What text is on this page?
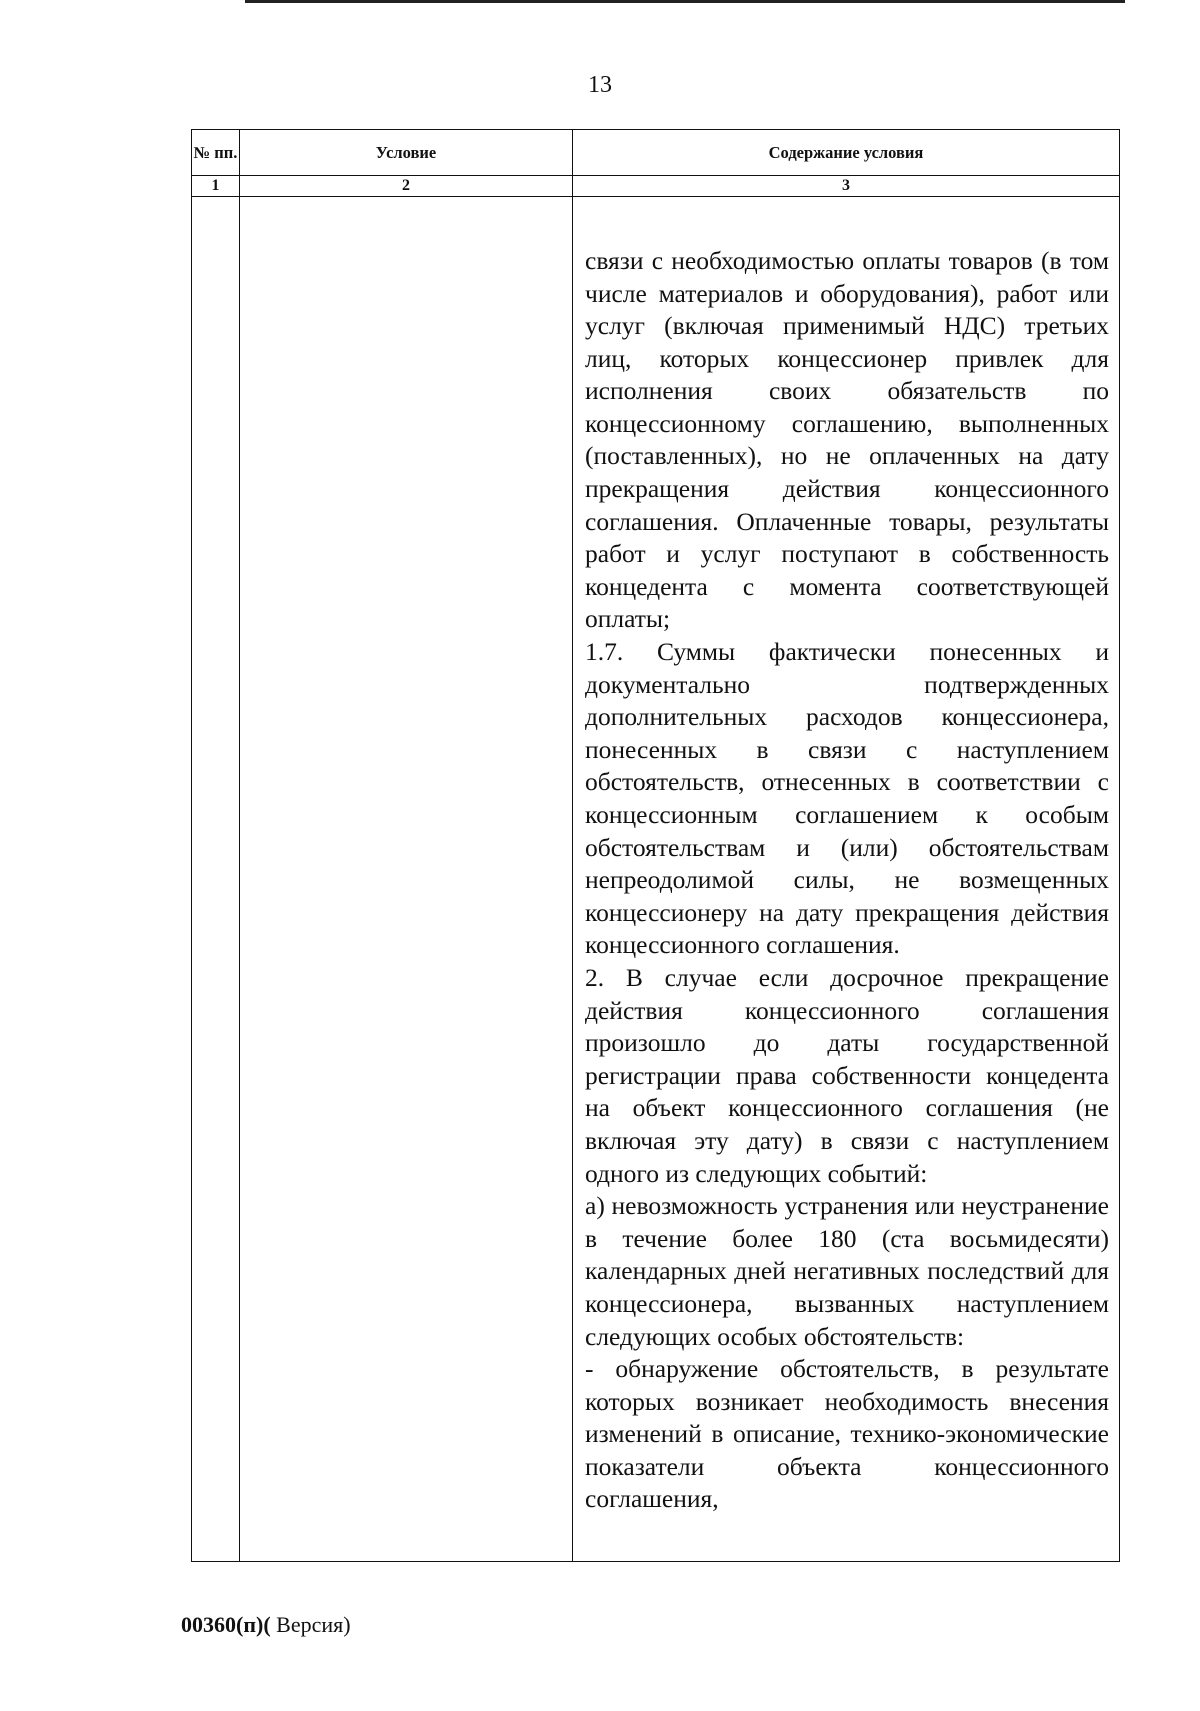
13
№ пп.	Условие	Содержание условия
1	2	3

		связи с необходимостью оплаты товаров (в том числе материалов и оборудования), работ или услуг (включая применимый НДС) третьих лиц, которых концессионер привлек для исполнения своих обязательств по концессионному соглашению, выполненных (поставленных), но не оплаченных на дату прекращения действия концессионного соглашения. Оплаченные товары, результаты работ и услуг поступают в собственность концедента с момента соответствующей оплаты;

1.7. Суммы фактически понесенных и документально подтвержденных дополнительных расходов концессионера, понесенных в связи с наступлением обстоятельств, отнесенных в соответствии с концессионным соглашением к особым обстоятельствам и (или) обстоятельствам непреодолимой силы, не возмещенных концессионеру на дату прекращения действия концессионного соглашения.

2. В случае если досрочное прекращение действия концессионного соглашения произошло до даты государственной регистрации права собственности концедента на объект концессионного соглашения (не включая эту дату) в связи с наступлением одного из следующих событий:

а) невозможность устранения или неустранение в течение более 180 (ста восьмидесяти) календарных дней негативных последствий для концессионера, вызванных наступлением следующих особых обстоятельств:

- обнаружение обстоятельств, в результате которых возникает необходимость внесения изменений в описание, технико-экономические показатели объекта концессионного соглашения,

00360(п)( Версия)
